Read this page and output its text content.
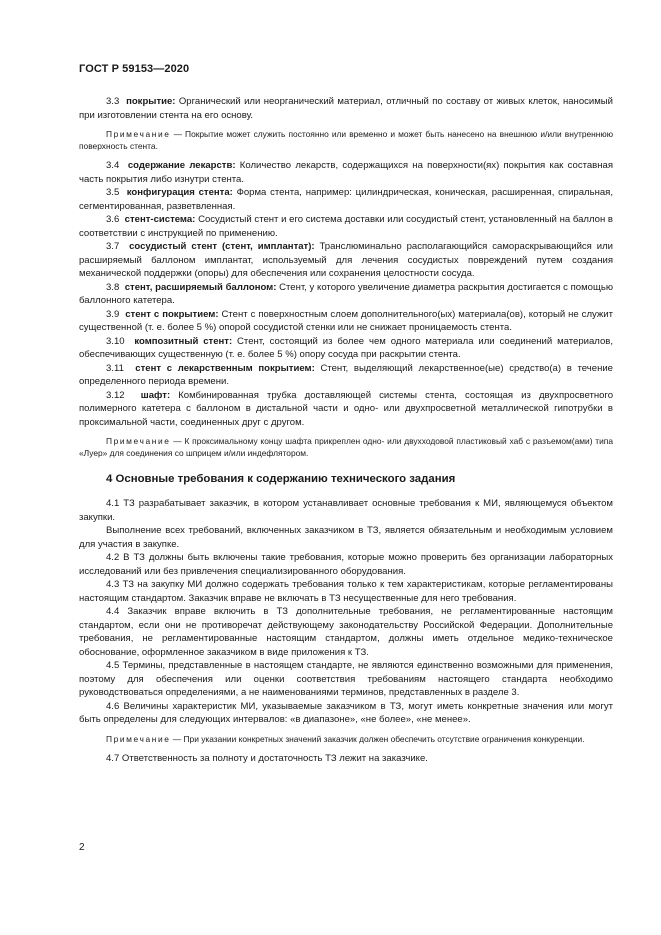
ГОСТ Р 59153—2020

3.3 покрытие: Органический или неорганический материал, отличный по составу от живых клеток, наносимый при изготовлении стента на его основу.

Примечание — Покрытие может служить постоянно или временно и может быть нанесено на внешнюю и/или внутреннюю поверхность стента.

3.4 содержание лекарств: Количество лекарств, содержащихся на поверхности(ях) покрытия как составная часть покрытия либо изнутри стента.

3.5 конфигурация стента: Форма стента, например: цилиндрическая, коническая, расширенная, спиральная, сегментированная, разветвленная.

3.6 стент-система: Сосудистый стент и его система доставки или сосудистый стент, установленный на баллон в соответствии с инструкцией по применению.

3.7 сосудистый стент (стент, имплантат): Транслюминально располагающийся самораскрывающийся или расширяемый баллоном имплантат, используемый для лечения сосудистых повреждений путем создания механической поддержки (опоры) для обеспечения или сохранения целостности сосуда.

3.8 стент, расширяемый баллоном: Стент, у которого увеличение диаметра раскрытия достигается с помощью баллонного катетера.

3.9 стент с покрытием: Стент с поверхностным слоем дополнительного(ых) материала(ов), который не служит существенной (т. е. более 5 %) опорой сосудистой стенки или не снижает проницаемость стента.

3.10 композитный стент: Стент, состоящий из более чем одного материала или соединений материалов, обеспечивающих существенную (т. е. более 5 %) опору сосуда при раскрытии стента.

3.11 стент с лекарственным покрытием: Стент, выделяющий лекарственное(ые) средство(а) в течение определенного периода времени.

3.12 шафт: Комбинированная трубка доставляющей системы стента, состоящая из двухпросветного полимерного катетера с баллоном в дистальной части и одно- или двухпросветной металлической гипотрубки в проксимальной части, соединенных друг с другом.

Примечание — К проксимальному концу шафта прикреплен одно- или двухходовой пластиковый хаб с разъемом(ами) типа «Луер» для соединения со шприцем и/или индефлятором.

4 Основные требования к содержанию технического задания

4.1 ТЗ разрабатывает заказчик, в котором устанавливает основные требования к МИ, являющемуся объектом закупки.

Выполнение всех требований, включенных заказчиком в ТЗ, является обязательным и необходимым условием для участия в закупке.

4.2 В ТЗ должны быть включены такие требования, которые можно проверить без организации лабораторных исследований или без привлечения специализированного оборудования.

4.3 ТЗ на закупку МИ должно содержать требования только к тем характеристикам, которые регламентированы настоящим стандартом. Заказчик вправе не включать в ТЗ несущественные для него требования.

4.4 Заказчик вправе включить в ТЗ дополнительные требования, не регламентированные настоящим стандартом, если они не противоречат действующему законодательству Российской Федерации. Дополнительные требования, не регламентированные настоящим стандартом, должны иметь отдельное медико-техническое обоснование, оформленное заказчиком в виде приложения к ТЗ.

4.5 Термины, представленные в настоящем стандарте, не являются единственно возможными для применения, поэтому для обеспечения или оценки соответствия требованиям настоящего стандарта необходимо руководствоваться определениями, а не наименованиями терминов, представленных в разделе 3.

4.6 Величины характеристик МИ, указываемые заказчиком в ТЗ, могут иметь конкретные значения или могут быть определены для следующих интервалов: «в диапазоне», «не более», «не менее».

Примечание — При указании конкретных значений заказчик должен обеспечить отсутствие ограничения конкуренции.

4.7 Ответственность за полноту и достаточность ТЗ лежит на заказчике.

2
